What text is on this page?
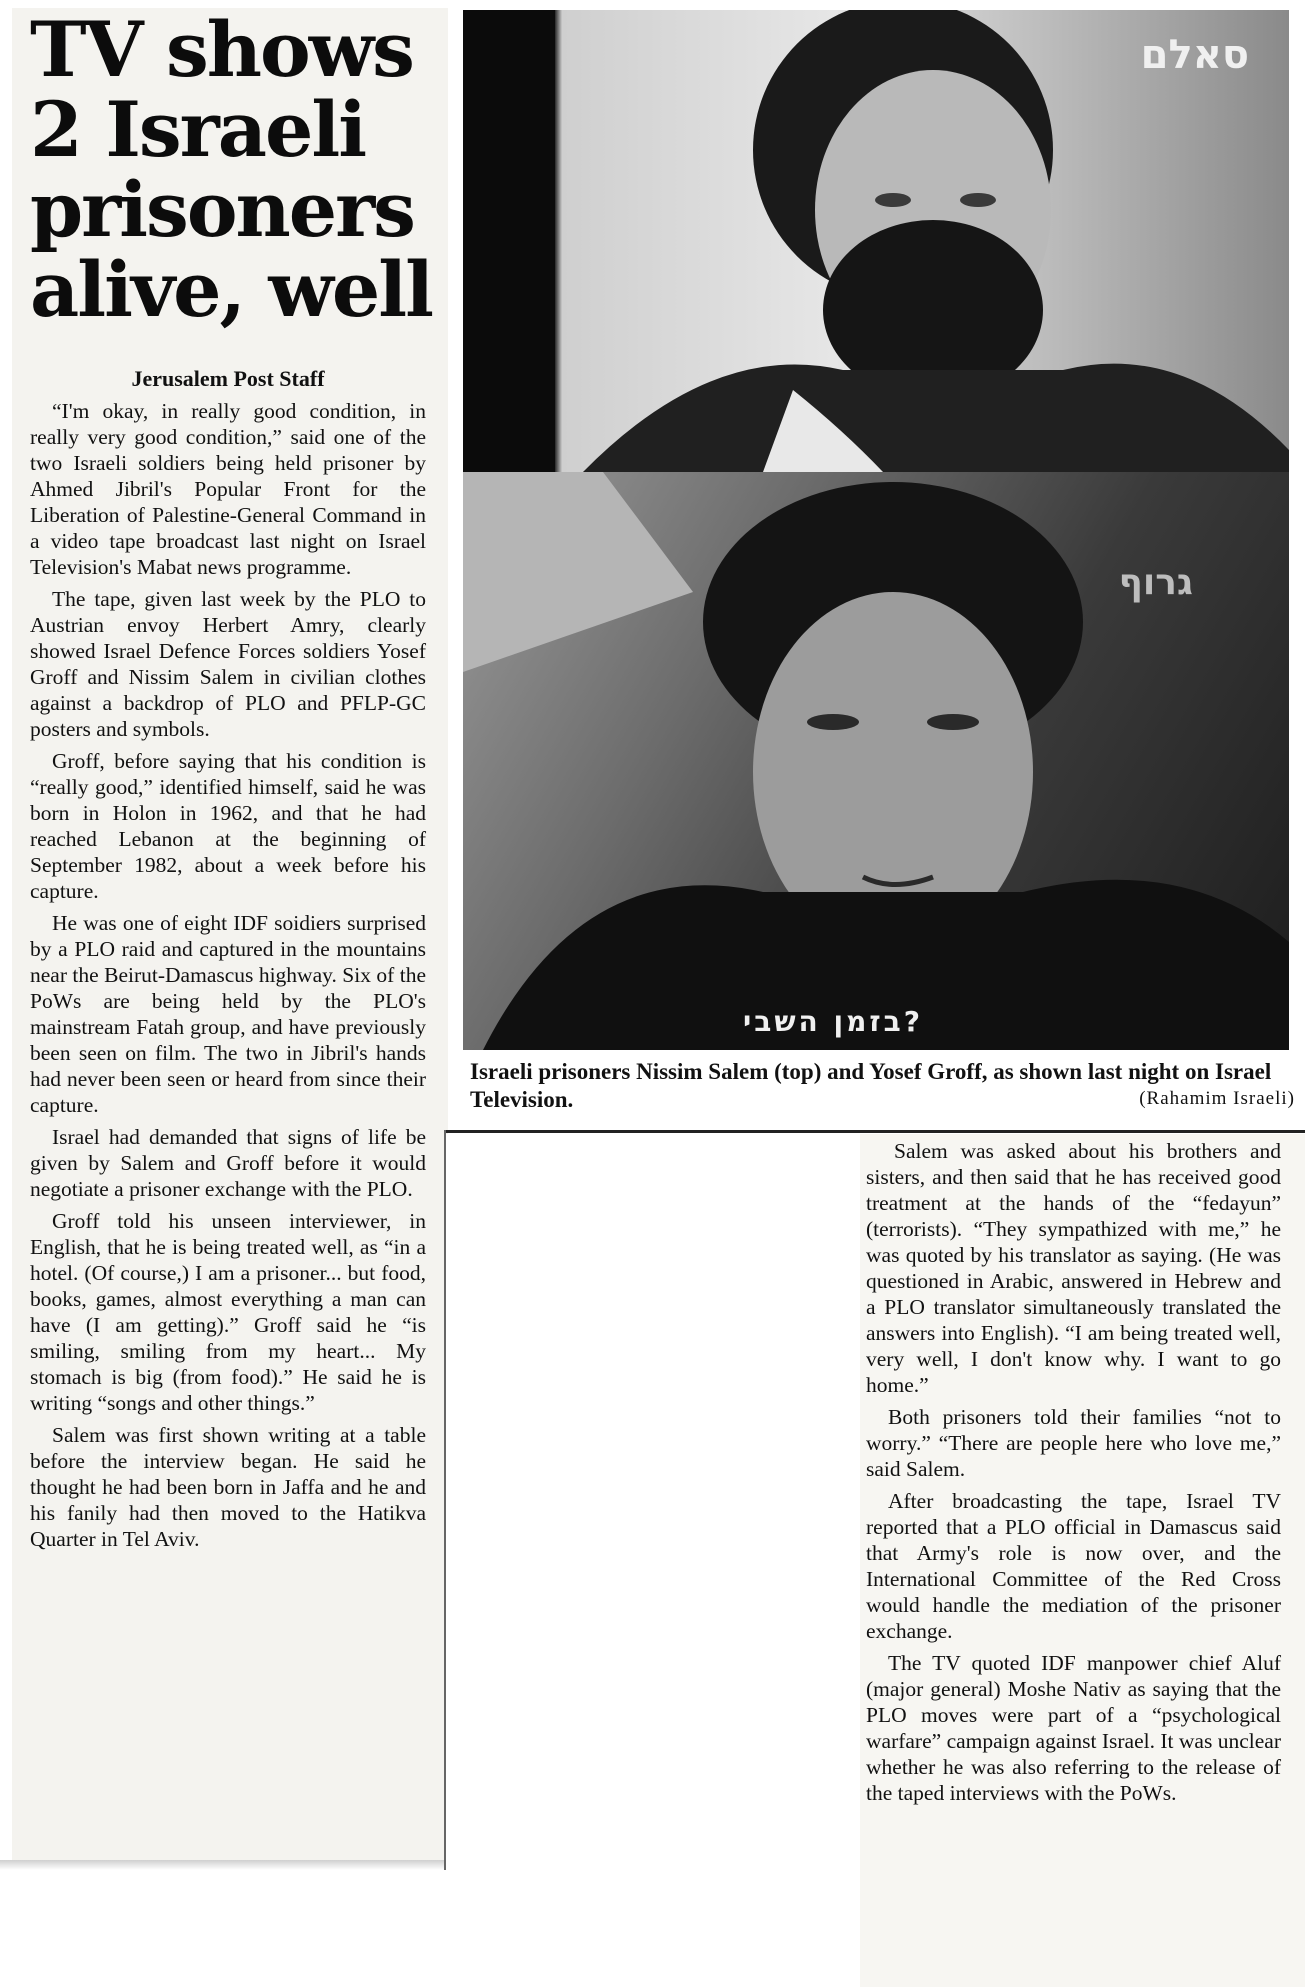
TV shows 2 Israeli prisoners alive, well

Jerusalem Post Staff

“I'm okay, in really good condition, in really very good condition,” said one of the two Israeli soldiers being held prisoner by Ahmed Jibril's Popular Front for the Liberation of Palestine-General Command in a video tape broadcast last night on Israel Television's Mabat news programme.

The tape, given last week by the PLO to Austrian envoy Herbert Amry, clearly showed Israel Defence Forces soldiers Yosef Groff and Nissim Salem in civilian clothes against a backdrop of PLO and PFLP-GC posters and symbols.

Groff, before saying that his condition is “really good,” identified himself, said he was born in Holon in 1962, and that he had reached Lebanon at the beginning of September 1982, about a week before his capture.

He was one of eight IDF soidiers surprised by a PLO raid and captured in the mountains near the Beirut-Damascus highway. Six of the PoWs are being held by the PLO's mainstream Fatah group, and have previously been seen on film. The two in Jibril's hands had never been seen or heard from since their capture.

Israel had demanded that signs of life be given by Salem and Groff before it would negotiate a prisoner exchange with the PLO.

Groff told his unseen interviewer, in English, that he is being treated well, as “in a hotel. (Of course,) I am a prisoner... but food, books, games, almost everything a man can have (I am getting).” Groff said he “is smiling, smiling from my heart... My stomach is big (from food).” He said he is writing “songs and other things.”

Salem was first shown writing at a table before the interview began. He said he thought he had been born in Jaffa and he and his fanily had then moved to the Hatikva Quarter in Tel Aviv.

סאלם
גרוף
בזמן השבי?

Israeli prisoners Nissim Salem (top) and Yosef Groff, as shown last night on Israel Television.	(Rahamim Israeli)

Salem was asked about his brothers and sisters, and then said that he has received good treatment at the hands of the “fedayun” (terrorists). “They sympathized with me,” he was quoted by his translator as saying. (He was questioned in Arabic, answered in Hebrew and a PLO translator simultaneously translated the answers into English). “I am being treated well, very well, I don't know why. I want to go home.”

Both prisoners told their families “not to worry.” “There are people here who love me,” said Salem.

After broadcasting the tape, Israel TV reported that a PLO official in Damascus said that Army's role is now over, and the International Committee of the Red Cross would handle the mediation of the prisoner exchange.

The TV quoted IDF manpower chief Aluf (major general) Moshe Nativ as saying that the PLO moves were part of a “psychological warfare” campaign against Israel. It was unclear whether he was also referring to the release of the taped interviews with the PoWs.
